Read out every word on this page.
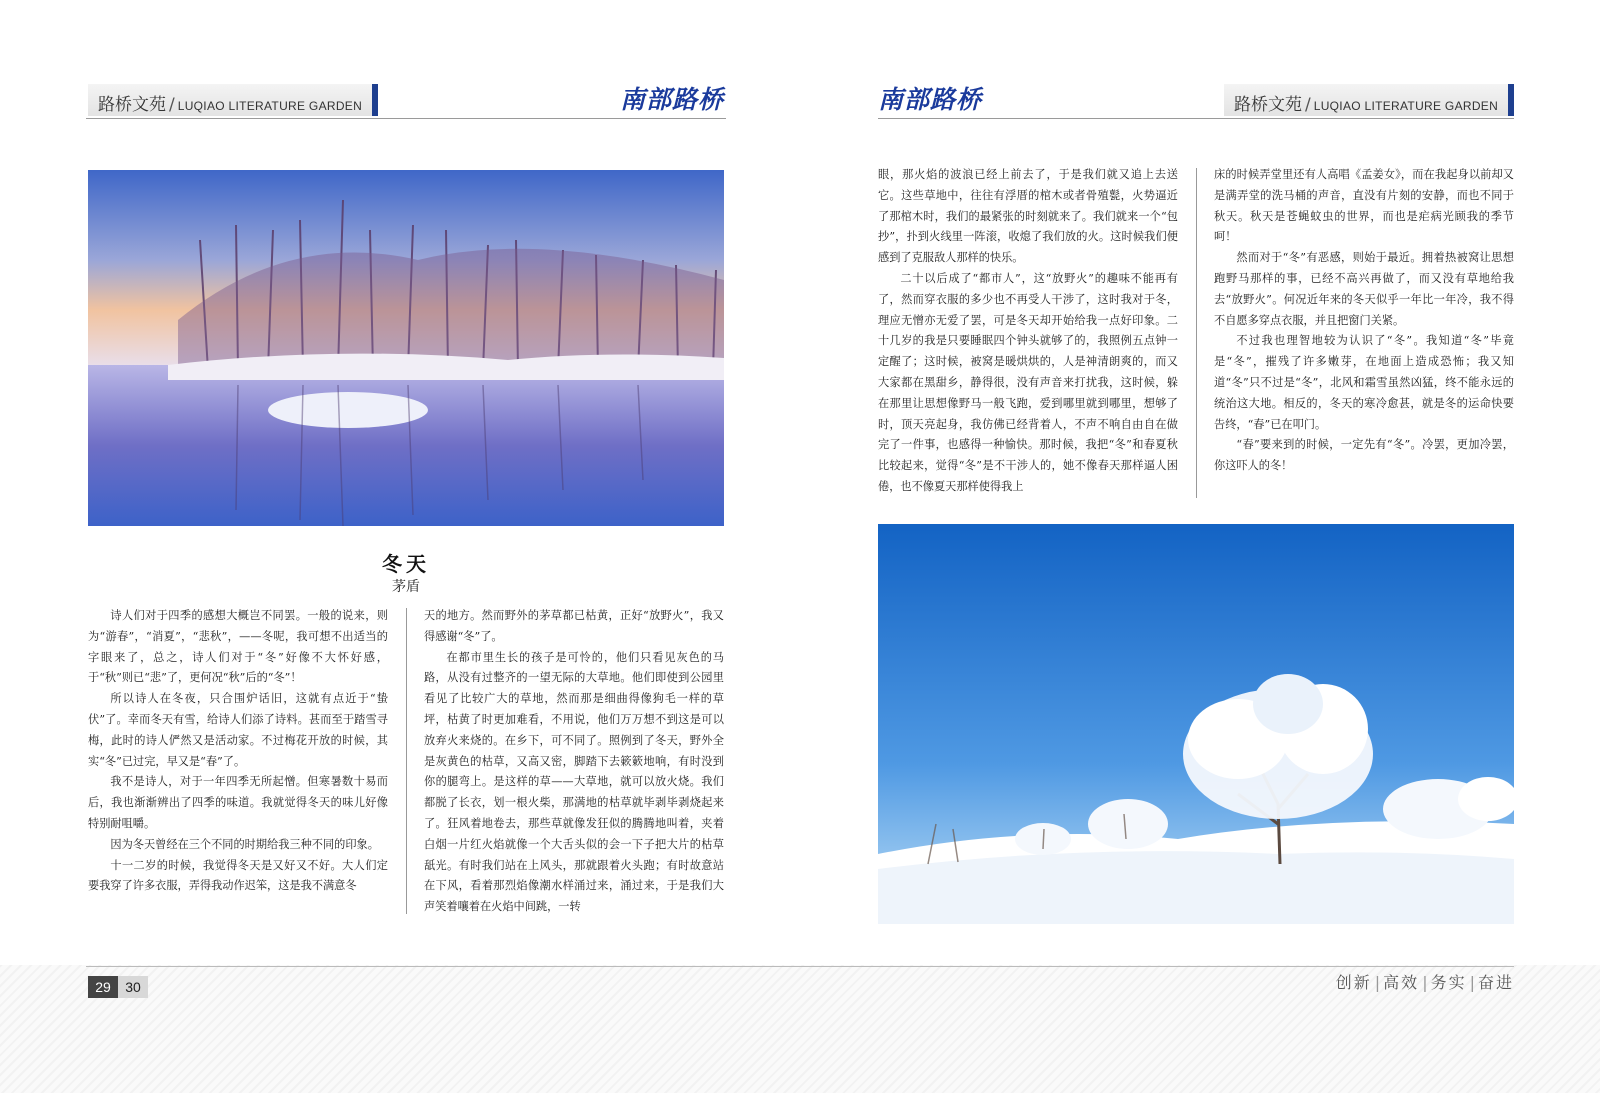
路桥文苑 / LUQIAO LITERATURE GARDEN	南部路桥
冬天
茅盾

诗人们对于四季的感想大概岂不同罢。一般的说来，则为“游春”，“消夏”，“悲秋”，——冬呢，我可想不出适当的字眼来了，总之，诗人们对于“冬”好像不大怀好感，于“秋”则已“悲”了，更何况“秋”后的“冬”！

所以诗人在冬夜，只合围炉话旧，这就有点近于“蛰伏”了。幸而冬天有雪，给诗人们添了诗料。甚而至于踏雪寻梅，此时的诗人俨然又是活动家。不过梅花开放的时候，其实“冬”已过完，早又是“春”了。

我不是诗人，对于一年四季无所起憎。但寒暑数十易而后，我也渐渐辨出了四季的味道。我就觉得冬天的味儿好像特别耐咀嚼。

因为冬天曾经在三个不同的时期给我三种不同的印象。

十一二岁的时候，我觉得冬天是又好又不好。大人们定要我穿了许多衣服，弄得我动作迟笨，这是我不满意冬

天的地方。然而野外的茅草都已枯黄，正好“放野火”，我又得感谢“冬”了。

在都市里生长的孩子是可怜的，他们只看见灰色的马路，从没有过整齐的一望无际的大草地。他们即使到公园里看见了比较广大的草地，然而那是细曲得像狗毛一样的草坪，枯黄了时更加难看，不用说，他们万万想不到这是可以放弃火来烧的。在乡下，可不同了。照例到了冬天，野外全是灰黄色的枯草，又高又密，脚踏下去簌簌地响，有时没到你的腿弯上。是这样的草——大草地，就可以放火烧。我们都脱了长衣，划一根火柴，那满地的枯草就毕剥毕剥烧起来了。狂风着地卷去，那些草就像发狂似的腾腾地叫着，夹着白烟一片红火焰就像一个大舌头似的会一下子把大片的枯草舐光。有时我们站在上风头，那就跟着火头跑；有时故意站在下风，看着那烈焰像潮水样涌过来，涌过来，于是我们大声笑着嚷着在火焰中间跳，一转

南部路桥	路桥文苑 / LUQIAO LITERATURE GARDEN

眼，那火焰的波浪已经上前去了，于是我们就又追上去送它。这些草地中，往往有浮厝的棺木或者骨殖甏，火势逼近了那棺木时，我们的最紧张的时刻就来了。我们就来一个“包抄”，扑到火线里一阵滚，收熄了我们放的火。这时候我们便感到了克服敌人那样的快乐。

二十以后成了“都市人”，这“放野火”的趣味不能再有了，然而穿衣服的多少也不再受人干涉了，这时我对于冬，理应无憎亦无爱了罢，可是冬天却开始给我一点好印象。二十几岁的我是只要睡眠四个钟头就够了的，我照例五点钟一定醒了；这时候，被窝是暖烘烘的，人是神清朗爽的，而又大家都在黑甜乡，静得很，没有声音来打扰我，这时候，躲在那里让思想像野马一般飞跑，爱到哪里就到哪里，想够了时，顶天亮起身，我仿佛已经背着人，不声不响自由自在做完了一件事，也感得一种愉快。那时候，我把“冬”和春夏秋比较起来，觉得“冬”是不干涉人的，她不像春天那样逼人困倦，也不像夏天那样使得我上

床的时候弄堂里还有人高唱《孟姜女》，而在我起身以前却又是满弄堂的洗马桶的声音，直没有片刻的安静，而也不同于秋天。秋天是苍蝇蚊虫的世界，而也是疟病光顾我的季节呵！

然而对于“冬”有恶感，则始于最近。拥着热被窝让思想跑野马那样的事，已经不高兴再做了，而又没有草地给我去“放野火”。何况近年来的冬天似乎一年比一年冷，我不得不自愿多穿点衣服，并且把窗门关紧。

不过我也理智地较为认识了“冬”。我知道“冬”毕竟是“冬”，摧残了许多嫩芽，在地面上造成恐怖；我又知道“冬”只不过是“冬”，北风和霜雪虽然凶猛，终不能永远的统治这大地。相反的，冬天的寒冷愈甚，就是冬的运命快要告终，“春”已在叩门。

“春”要来到的时候，一定先有“冬”。冷罢，更加冷罢，你这吓人的冬！

29	30	创新 | 高效 | 务实 | 奋进
